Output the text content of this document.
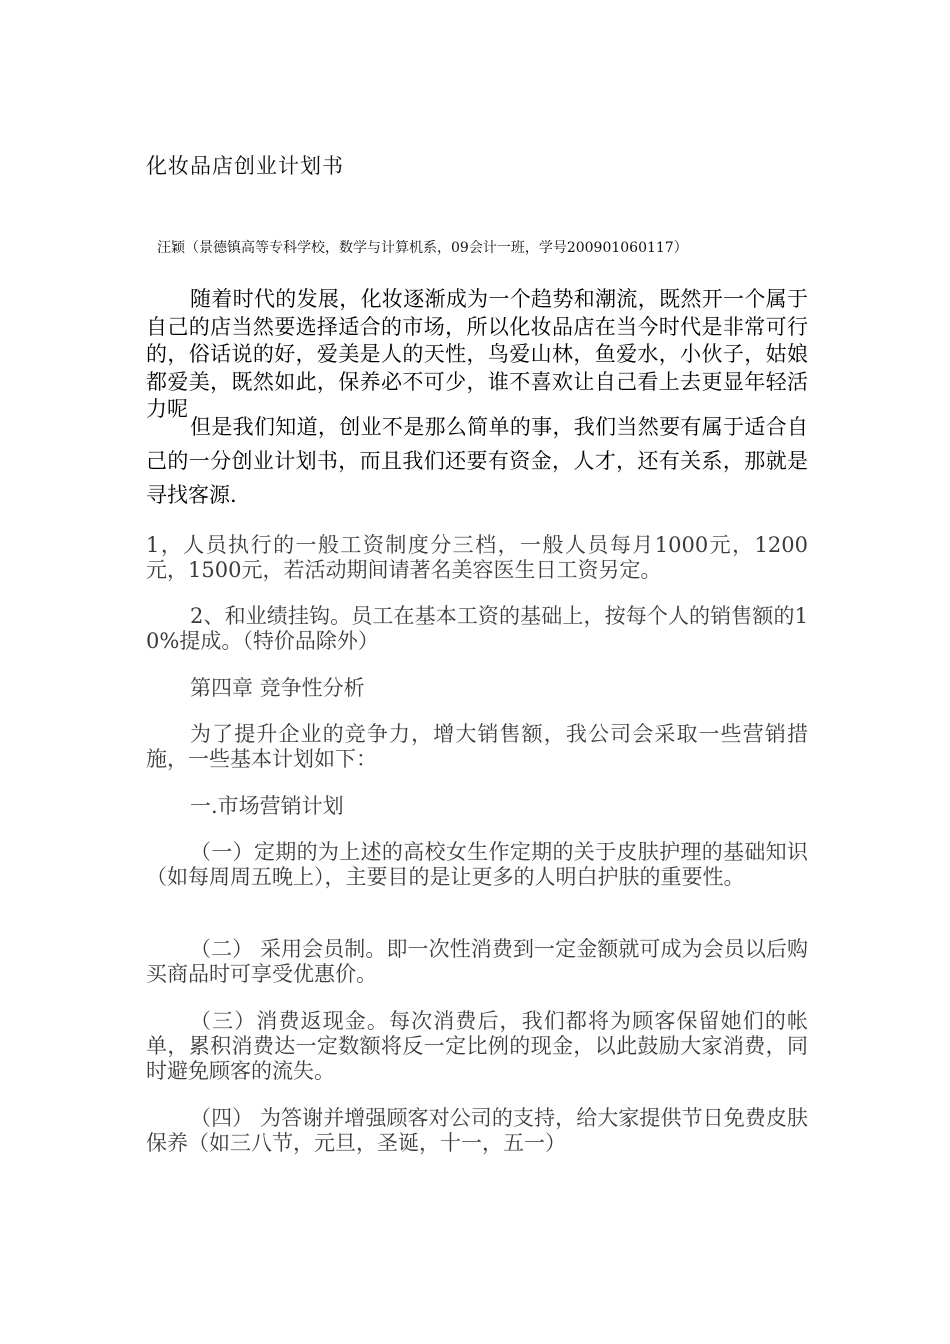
化妆品店创业计划书
汪颖（景德镇高等专科学校，数学与计算机系，09会计一班，学号200901060117）

随着时代的发展，化妆逐渐成为一个趋势和潮流，既然开一个属于自己的店当然要选择适合的市场，所以化妆品店在当今时代是非常可行的，俗话说的好，爱美是人的天性，鸟爱山林，鱼爱水，小伙子，姑娘都爱美，既然如此，保养必不可少，谁不喜欢让自己看上去更显年轻活力呢

但是我们知道，创业不是那么简单的事，我们当然要有属于适合自己的一分创业计划书，而且我们还要有资金，人才，还有关系，那就是寻找客源.

1，人员执行的一般工资制度分三档，一般人员每月1000元，1200元，1500元，若活动期间请著名美容医生日工资另定。

2、和业绩挂钩。员工在基本工资的基础上，按每个人的销售额的10%提成。（特价品除外）

第四章 竞争性分析

为了提升企业的竞争力，增大销售额，我公司会采取一些营销措施，一些基本计划如下：

一.市场营销计划

（一）定期的为上述的高校女生作定期的关于皮肤护理的基础知识（如每周周五晚上），主要目的是让更多的人明白护肤的重要性。

（二） 采用会员制。即一次性消费到一定金额就可成为会员以后购买商品时可享受优惠价。

（三）消费返现金。每次消费后，我们都将为顾客保留她们的帐单，累积消费达一定数额将反一定比例的现金，以此鼓励大家消费，同时避免顾客的流失。

（四） 为答谢并增强顾客对公司的支持，给大家提供节日免费皮肤保养（如三八节，元旦，圣诞，十一，五一）
